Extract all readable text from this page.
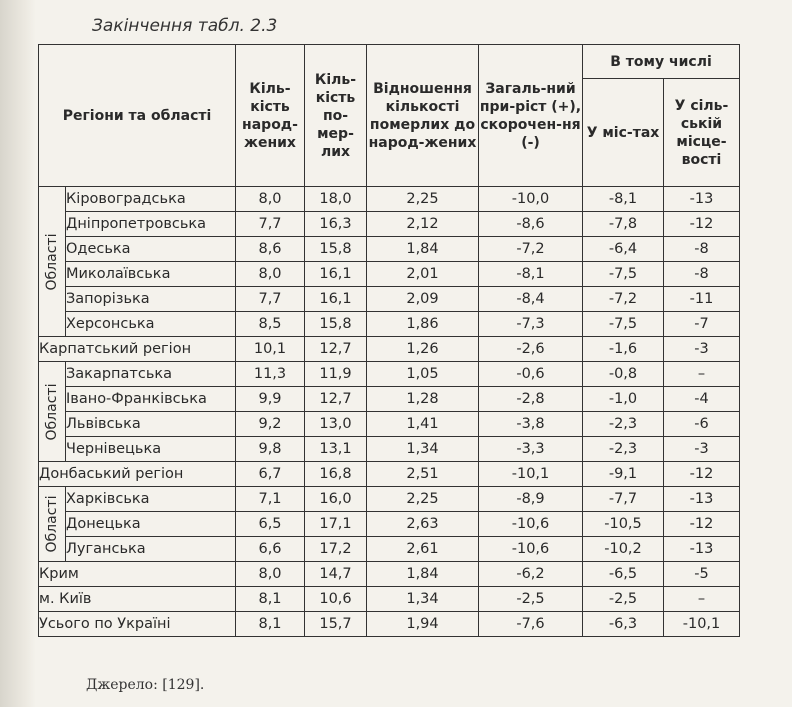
Закінчення табл. 2.3
Регіони та області		Кіль-кість народ-жених	Кіль-кість по-мер-лих	Відношення кількості померлих до народ-жених	Загаль-ний при-ріст (+), скорочен-ня (-)	В тому числі	
						У міс-тах	У сіль-ській місце-вості

Області	Кіровоградська	8,0	18,0	2,25	-10,0	-8,1	-13
	Дніпропетровська	7,7	16,3	2,12	-8,6	-7,8	-12
	Одеська	8,6	15,8	1,84	-7,2	-6,4	-8
	Миколаївська	8,0	16,1	2,01	-8,1	-7,5	-8
	Запорізька	7,7	16,1	2,09	-8,4	-7,2	-11
	Херсонська	8,5	15,8	1,86	-7,3	-7,5	-7
Карпатський регіон		10,1	12,7	1,26	-2,6	-1,6	-3

Області	Закарпатська	11,3	11,9	1,05	-0,6	-0,8	–
	Івано-Франківська	9,9	12,7	1,28	-2,8	-1,0	-4
	Львівська	9,2	13,0	1,41	-3,8	-2,3	-6
	Чернівецька	9,8	13,1	1,34	-3,3	-2,3	-3
Донбаський регіон		6,7	16,8	2,51	-10,1	-9,1	-12

Області	Харківська	7,1	16,0	2,25	-8,9	-7,7	-13
	Донецька	6,5	17,1	2,63	-10,6	-10,5	-12
	Луганська	6,6	17,2	2,61	-10,6	-10,2	-13
Крим		8,0	14,7	1,84	-6,2	-6,5	-5
м. Київ		8,1	10,6	1,34	-2,5	-2,5	–
Усього по Україні		8,1	15,7	1,94	-7,6	-6,3	-10,1
Джерело: [129].
